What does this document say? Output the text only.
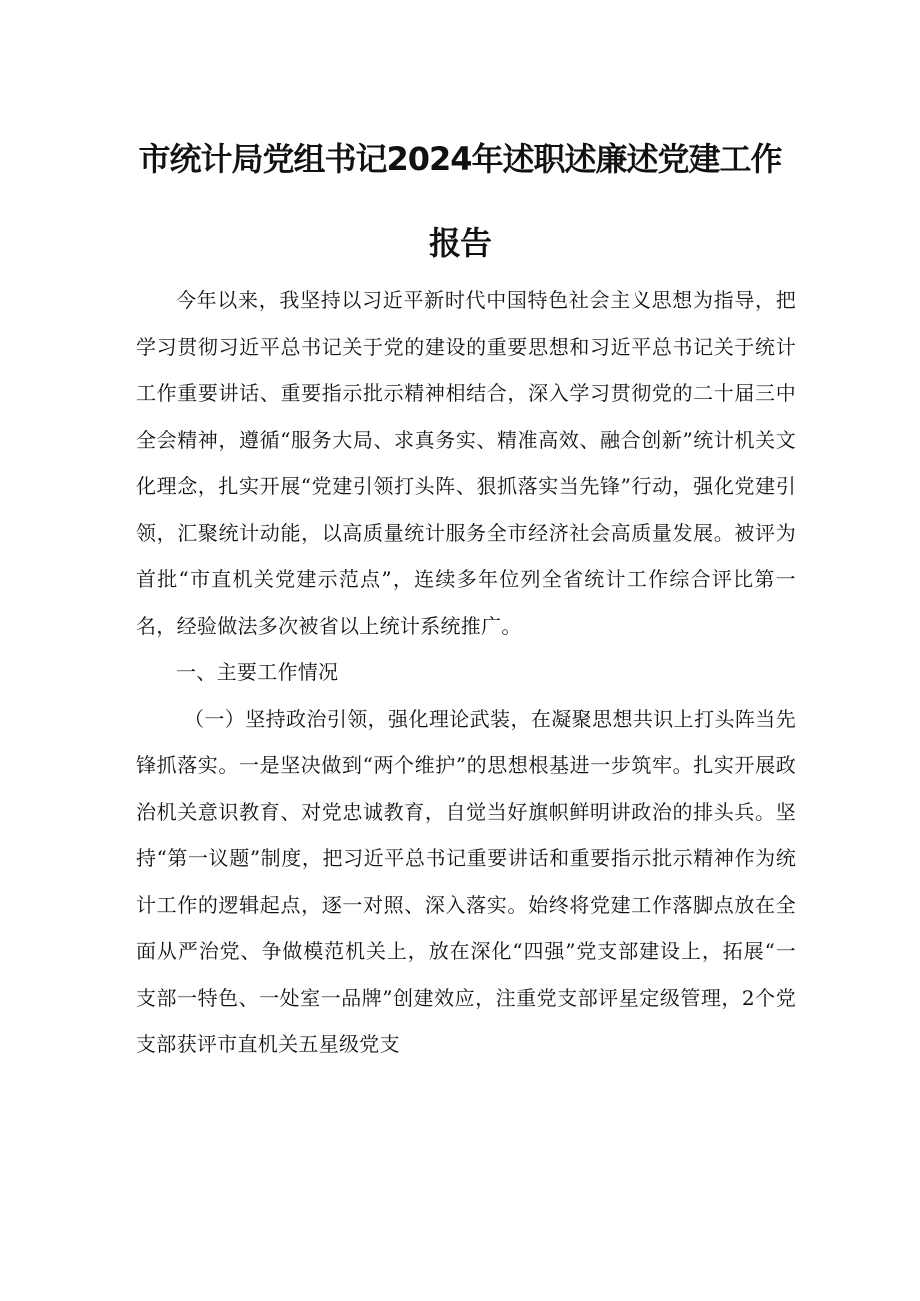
市统计局党组书记2024年述职述廉述党建工作
报告

今年以来，我坚持以习近平新时代中国特色社会主义思想为指导，把学习贯彻习近平总书记关于党的建设的重要思想和习近平总书记关于统计工作重要讲话、重要指示批示精神相结合，深入学习贯彻党的二十届三中全会精神，遵循“服务大局、求真务实、精准高效、融合创新”统计机关文化理念，扎实开展“党建引领打头阵、狠抓落实当先锋”行动，强化党建引领，汇聚统计动能，以高质量统计服务全市经济社会高质量发展。被评为首批“市直机关党建示范点”，连续多年位列全省统计工作综合评比第一名，经验做法多次被省以上统计系统推广。

一、主要工作情况

（一）坚持政治引领，强化理论武装，在凝聚思想共识上打头阵当先锋抓落实。一是坚决做到“两个维护”的思想根基进一步筑牢。扎实开展政治机关意识教育、对党忠诚教育，自觉当好旗帜鲜明讲政治的排头兵。坚持“第一议题”制度，把习近平总书记重要讲话和重要指示批示精神作为统计工作的逻辑起点，逐一对照、深入落实。始终将党建工作落脚点放在全面从严治党、争做模范机关上，放在深化“四强”党支部建设上，拓展“一支部一特色、一处室一品牌”创建效应，注重党支部评星定级管理，2个党支部获评市直机关五星级党支
